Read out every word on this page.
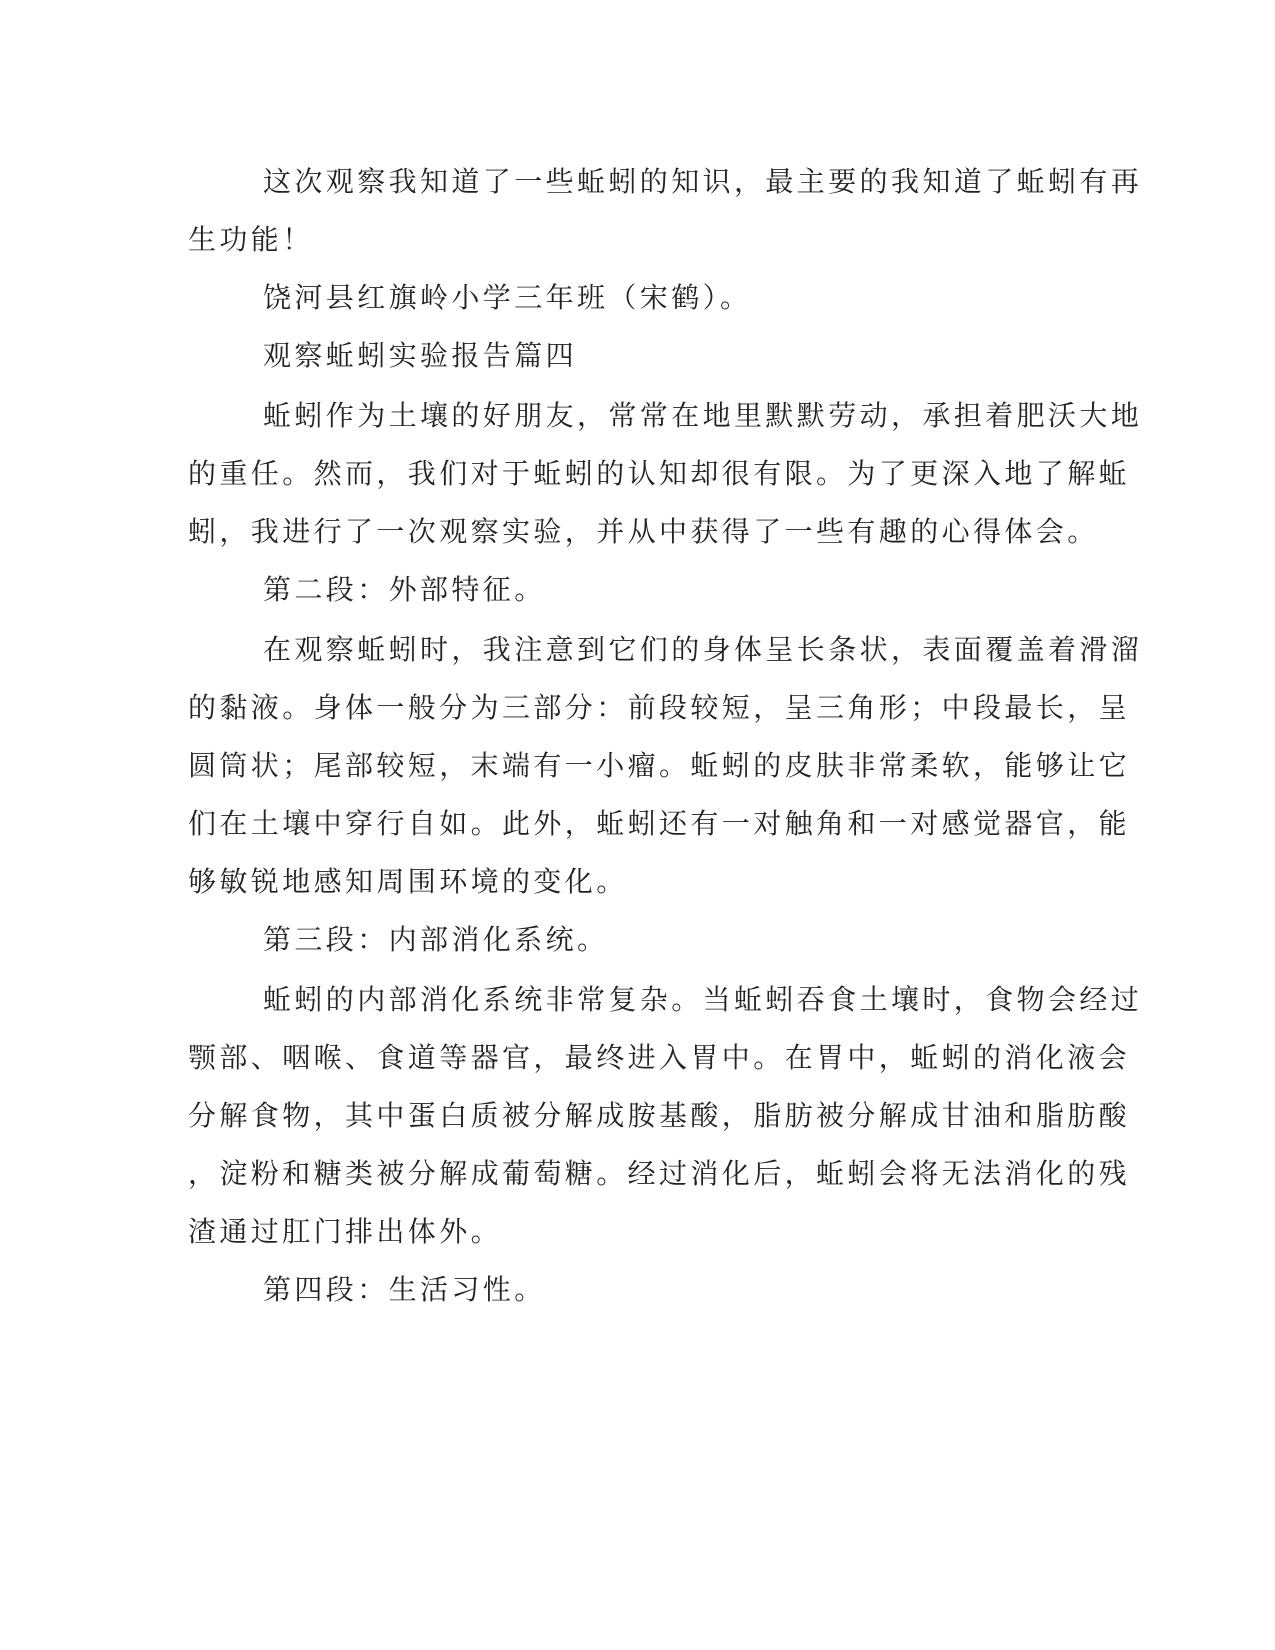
这次观察我知道了一些蚯蚓的知识，最主要的我知道了蚯蚓有再
生功能！
饶河县红旗岭小学三年班（宋鹤）。
观察蚯蚓实验报告篇四
蚯蚓作为土壤的好朋友，常常在地里默默劳动，承担着肥沃大地
的重任。然而，我们对于蚯蚓的认知却很有限。为了更深入地了解蚯
蚓，我进行了一次观察实验，并从中获得了一些有趣的心得体会。
第二段：外部特征。
在观察蚯蚓时，我注意到它们的身体呈长条状，表面覆盖着滑溜
的黏液。身体一般分为三部分：前段较短，呈三角形；中段最长，呈
圆筒状；尾部较短，末端有一小瘤。蚯蚓的皮肤非常柔软，能够让它
们在土壤中穿行自如。此外，蚯蚓还有一对触角和一对感觉器官，能
够敏锐地感知周围环境的变化。
第三段：内部消化系统。
蚯蚓的内部消化系统非常复杂。当蚯蚓吞食土壤时，食物会经过
颚部、咽喉、食道等器官，最终进入胃中。在胃中，蚯蚓的消化液会
分解食物，其中蛋白质被分解成胺基酸，脂肪被分解成甘油和脂肪酸
，淀粉和糖类被分解成葡萄糖。经过消化后，蚯蚓会将无法消化的残
渣通过肛门排出体外。
第四段：生活习性。
